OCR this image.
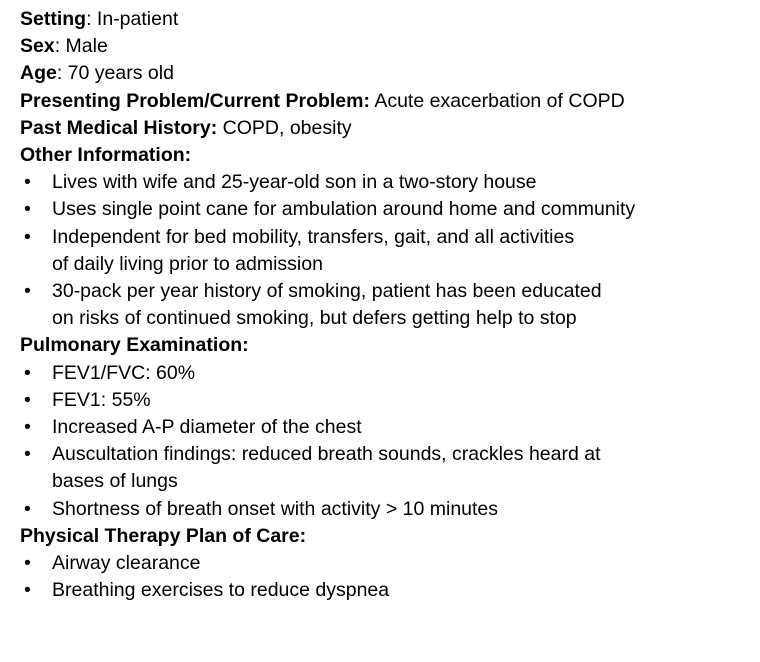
Setting: In-patient
Sex: Male
Age: 70 years old
Presenting Problem/Current Problem: Acute exacerbation of COPD
Past Medical History: COPD, obesity
Other Information:
• Lives with wife and 25-year-old son in a two-story house
• Uses single point cane for ambulation around home and community
• Independent for bed mobility, transfers, gait, and all activities
of daily living prior to admission
• 30-pack per year history of smoking, patient has been educated
on risks of continued smoking, but defers getting help to stop
Pulmonary Examination:
• FEV1/FVC: 60%
• FEV1: 55%
• Increased A-P diameter of the chest
• Auscultation findings: reduced breath sounds, crackles heard at
bases of lungs
• Shortness of breath onset with activity > 10 minutes
Physical Therapy Plan of Care:
• Airway clearance
• Breathing exercises to reduce dyspnea
